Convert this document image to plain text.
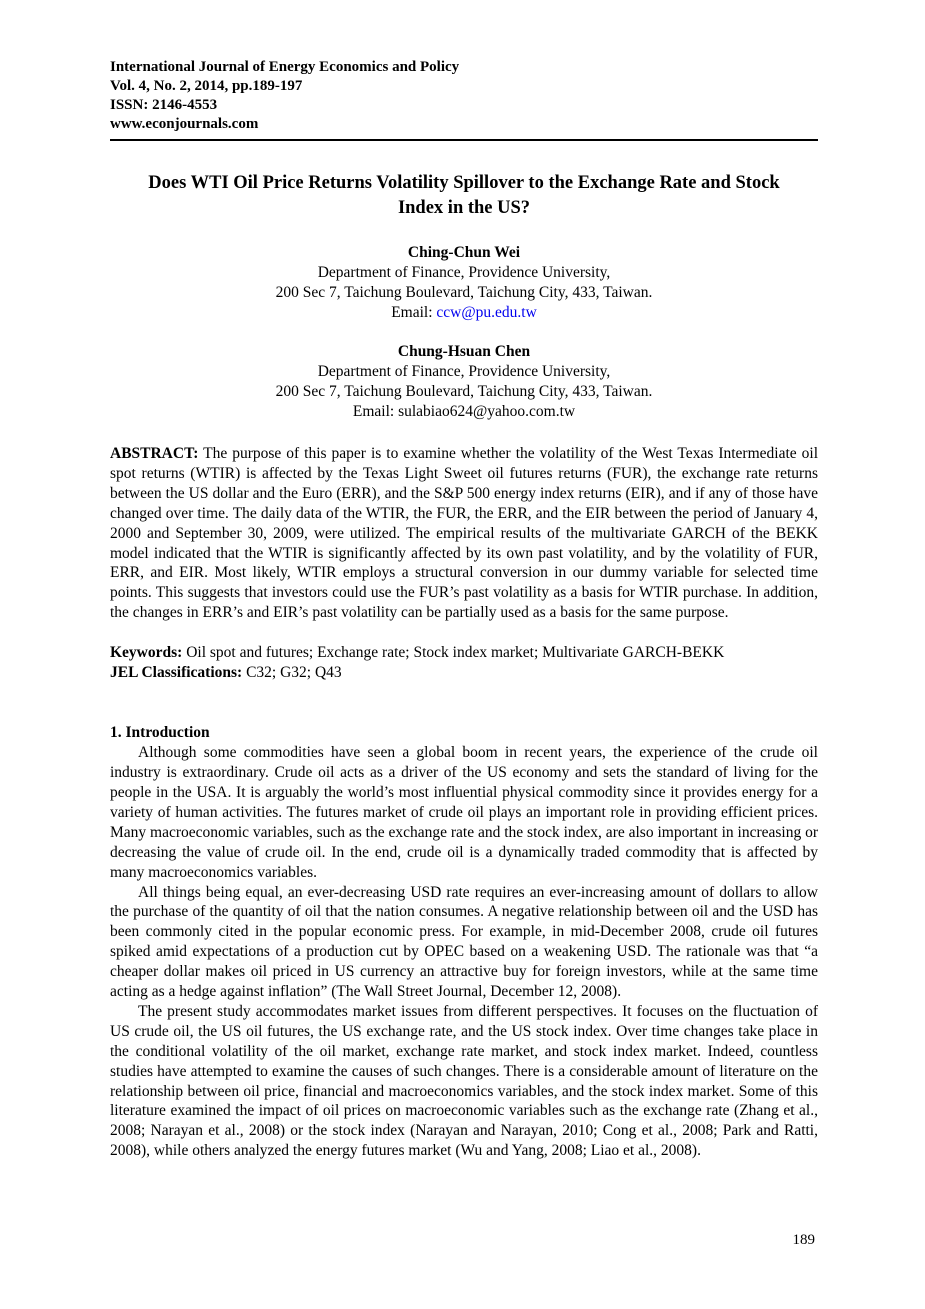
International Journal of Energy Economics and Policy
Vol. 4, No. 2, 2014, pp.189-197
ISSN: 2146-4553
www.econjournals.com
Does WTI Oil Price Returns Volatility Spillover to the Exchange Rate and Stock Index in the US?
Ching-Chun Wei
Department of Finance, Providence University,
200 Sec 7, Taichung Boulevard, Taichung City, 433, Taiwan.
Email: ccw@pu.edu.tw
Chung-Hsuan Chen
Department of Finance, Providence University,
200 Sec 7, Taichung Boulevard, Taichung City, 433, Taiwan.
Email: sulabiao624@yahoo.com.tw

ABSTRACT: The purpose of this paper is to examine whether the volatility of the West Texas Intermediate oil spot returns (WTIR) is affected by the Texas Light Sweet oil futures returns (FUR), the exchange rate returns between the US dollar and the Euro (ERR), and the S&P 500 energy index returns (EIR), and if any of those have changed over time. The daily data of the WTIR, the FUR, the ERR, and the EIR between the period of January 4, 2000 and September 30, 2009, were utilized. The empirical results of the multivariate GARCH of the BEKK model indicated that the WTIR is significantly affected by its own past volatility, and by the volatility of FUR, ERR, and EIR. Most likely, WTIR employs a structural conversion in our dummy variable for selected time points. This suggests that investors could use the FUR’s past volatility as a basis for WTIR purchase. In addition, the changes in ERR’s and EIR’s past volatility can be partially used as a basis for the same purpose.

Keywords: Oil spot and futures; Exchange rate; Stock index market; Multivariate GARCH-BEKK
JEL Classifications: C32; G32; Q43
1. Introduction

Although some commodities have seen a global boom in recent years, the experience of the crude oil industry is extraordinary. Crude oil acts as a driver of the US economy and sets the standard of living for the people in the USA. It is arguably the world’s most influential physical commodity since it provides energy for a variety of human activities. The futures market of crude oil plays an important role in providing efficient prices. Many macroeconomic variables, such as the exchange rate and the stock index, are also important in increasing or decreasing the value of crude oil. In the end, crude oil is a dynamically traded commodity that is affected by many macroeconomics variables.

All things being equal, an ever-decreasing USD rate requires an ever-increasing amount of dollars to allow the purchase of the quantity of oil that the nation consumes. A negative relationship between oil and the USD has been commonly cited in the popular economic press. For example, in mid-December 2008, crude oil futures spiked amid expectations of a production cut by OPEC based on a weakening USD. The rationale was that “a cheaper dollar makes oil priced in US currency an attractive buy for foreign investors, while at the same time acting as a hedge against inflation” (The Wall Street Journal, December 12, 2008).

The present study accommodates market issues from different perspectives. It focuses on the fluctuation of US crude oil, the US oil futures, the US exchange rate, and the US stock index. Over time changes take place in the conditional volatility of the oil market, exchange rate market, and stock index market. Indeed, countless studies have attempted to examine the causes of such changes. There is a considerable amount of literature on the relationship between oil price, financial and macroeconomics variables, and the stock index market. Some of this literature examined the impact of oil prices on macroeconomic variables such as the exchange rate (Zhang et al., 2008; Narayan et al., 2008) or the stock index (Narayan and Narayan, 2010; Cong et al., 2008; Park and Ratti, 2008), while others analyzed the energy futures market (Wu and Yang, 2008; Liao et al., 2008).

189
